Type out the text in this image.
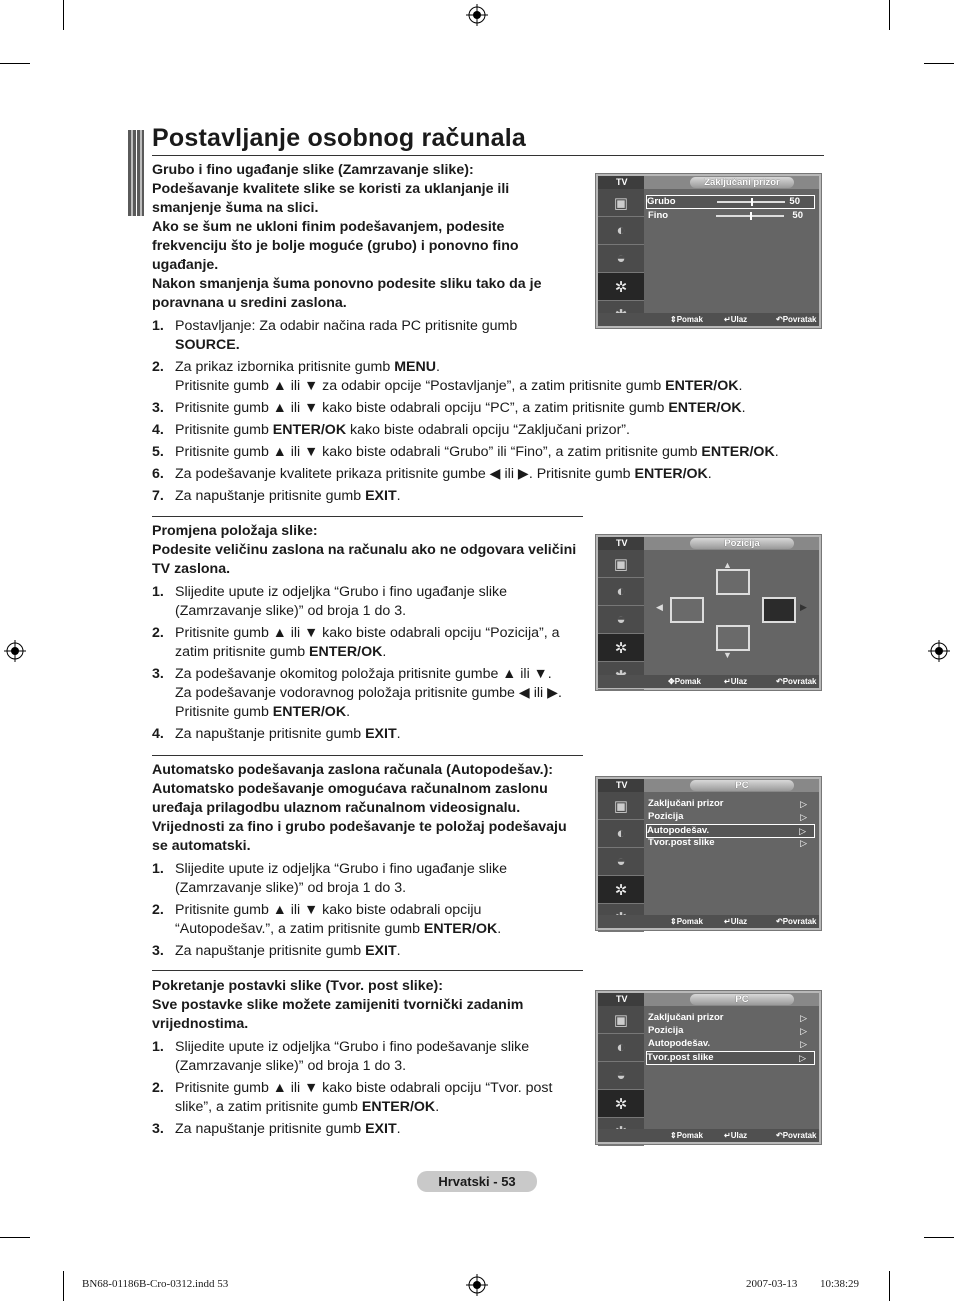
Postavljanje osobnog računala

Grubo i fino ugađanje slike (Zamrzavanje slike):
Podešavanje kvalitete slike se koristi za uklanjanje ili
smanjenje šuma na slici.
Ako se šum ne ukloni finim podešavanjem, podesite
frekvenciju što je bolje moguće (grubo) i ponovno fino
ugađanje.
Nakon smanjenja šuma ponovno podesite sliku tako da je
poravnana u sredini zaslona.

1. Postavljanje: Za odabir načina rada PC pritisnite gumb
SOURCE.
2. Za prikaz izbornika pritisnite gumb MENU.
Pritisnite gumb ▲ ili ▼ za odabir opcije “Postavljanje”, a zatim pritisnite gumb ENTER/OK.
3. Pritisnite gumb ▲ ili ▼ kako biste odabrali opciju “PC”, a zatim pritisnite gumb ENTER/OK.
4. Pritisnite gumb ENTER/OK kako biste odabrali opciju “Zaključani prizor”.
5. Pritisnite gumb ▲ ili ▼ kako biste odabrali “Grubo” ili “Fino”, a zatim pritisnite gumb ENTER/OK.
6. Za podešavanje kvalitete prikaza pritisnite gumbe ◀ ili ▶. Pritisnite gumb ENTER/OK.
7. Za napuštanje pritisnite gumb EXIT.

Promjena položaja slike:
Podesite veličinu zaslona na računalu ako ne odgovara veličini
TV zaslona.

1. Slijedite upute iz odjeljka “Grubo i fino ugađanje slike
(Zamrzavanje slike)” od broja 1 do 3.
2. Pritisnite gumb ▲ ili ▼ kako biste odabrali opciju “Pozicija”, a
zatim pritisnite gumb ENTER/OK.
3. Za podešavanje okomitog položaja pritisnite gumbe ▲ ili ▼.
Za podešavanje vodoravnog položaja pritisnite gumbe ◀ ili ▶.
Pritisnite gumb ENTER/OK.
4. Za napuštanje pritisnite gumb EXIT.

Automatsko podešavanja zaslona računala (Autopodešav.):
Automatsko podešavanje omogućava računalnom zaslonu
uređaja prilagodbu ulaznom računalnom videosignalu.
Vrijednosti za fino i grubo podešavanje te položaj podešavaju
se automatski.

1. Slijedite upute iz odjeljka “Grubo i fino ugađanje slike
(Zamrzavanje slike)” od broja 1 do 3.
2. Pritisnite gumb ▲ ili ▼ kako biste odabrali opciju
“Autopodešav.”, a zatim pritisnite gumb ENTER/OK.
3. Za napuštanje pritisnite gumb EXIT.

Pokretanje postavki slike (Tvor. post slike):
Sve postavke slike možete zamijeniti tvornički zadanim
vrijednostima.

1. Slijedite upute iz odjeljka “Grubo i fino podešavanje slike
(Zamrzavanje slike)” od broja 1 do 3.
2. Pritisnite gumb ▲ ili ▼ kako biste odabrali opciju “Tvor. post
slike”, a zatim pritisnite gumb ENTER/OK.
3. Za napuštanje pritisnite gumb EXIT.
TV	Zaključani prizor
▣
◐
◒
✲
Grubo	50
Fino	50
⇕ Pomak	↵ Ulaz	↶ Povratak
TV	Pozicija
▣
◐
◒
✲
▲
◀	▶
▼
✥ Pomak	↵ Ulaz	↶ Povratak
TV	PC
▣
◐
◒
✲
Zaključani prizor	▷
Pozicija	▷
Autopodešav.	▷
Tvor.post slike	▷
⇕ Pomak	↵ Ulaz	↶ Povratak
TV	PC
▣
◐
◒
✲
Zaključani prizor	▷
Pozicija	▷
Autopodešav.	▷
Tvor.post slike	▷
⇕ Pomak	↵ Ulaz	↶ Povratak
Hrvatski - 53
BN68-01186B-Cro-0312.indd 53	2007-03-13 􏰀􏰀 10:38:29
